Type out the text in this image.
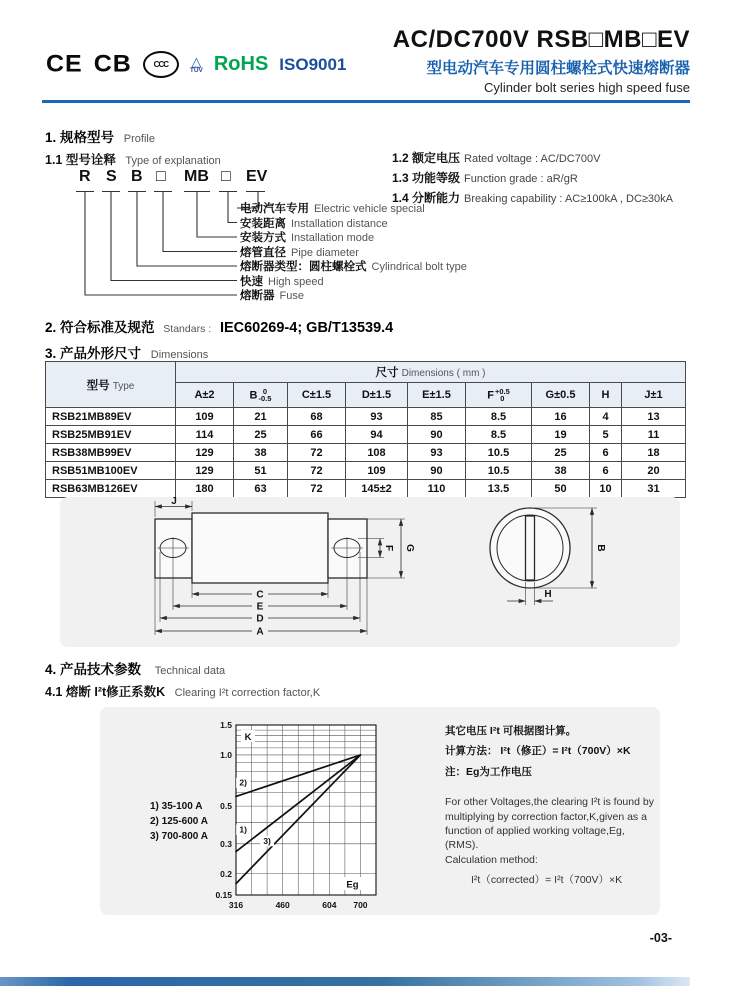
CE CB	CCC	△
TÜV RoHS ISO9001
AC/DC700V RSB□MB□EV
型电动汽车专用圆柱螺栓式快速熔断器
Cylinder bolt series high speed fuse
1. 规格型号 Profile
1.1 型号诠释 Type of explanation
R S B □ MB □ EV
电动汽车专用 Electric vehicle special
安装距离 Installation distance
安装方式 Installation mode
熔管直径 Pipe diameter
熔断器类型：圆柱螺栓式 Cylindrical bolt type
快速 High speed
熔断器 Fuse
1.2 额定电压 Rated voltage : AC/DC700V
1.3 功能等级 Function grade : aR/gR
1.4 分断能力 Breaking capability : AC≥100kA , DC≥30kA
2. 符合标准及规范 Standars : IEC60269-4; GB/T13539.4
3. 产品外形尺寸 Dimensions
型号 Type	尺寸 Dimensions ( mm )								
	A±2	B 0
-0.5	C±1.5	D±1.5	E±1.5	F +0.5
0	G±0.5	H	J±1
RSB21MB89EV	109	21	68	93	85	8.5	16	4	13
RSB25MB91EV	114	25	66	94	90	8.5	19	5	11
RSB38MB99EV	129	38	72	108	93	10.5	25	6	18
RSB51MB100EV	129	51	72	109	90	10.5	38	6	20
RSB63MB126EV	180	63	72	145±2	110	13.5	50	10	31
J
F G
C
E
D
A
B
H
4. 产品技术参数 Technical data
4.1 熔断 I²t修正系数K Clearing I²t correction factor,K
1) 35-100 A
2) 125-600 A
3) 700-800 A
K
Eg
1)
2)
3)
1.5
1.0
0.5
0.3
0.2
0.15
316	460	604 700
其它电压 I²t 可根据图计算。
计算方法： I²t（修正）= I²t（700V）×K
注：Eg为工作电压
For other Voltages,the clearing I²t is found by multiplying by correction factor,K,given as a function of applied working voltage,Eg,(RMS).
Calculation method:
I²t（corrected）= I²t（700V）×K
-03-
